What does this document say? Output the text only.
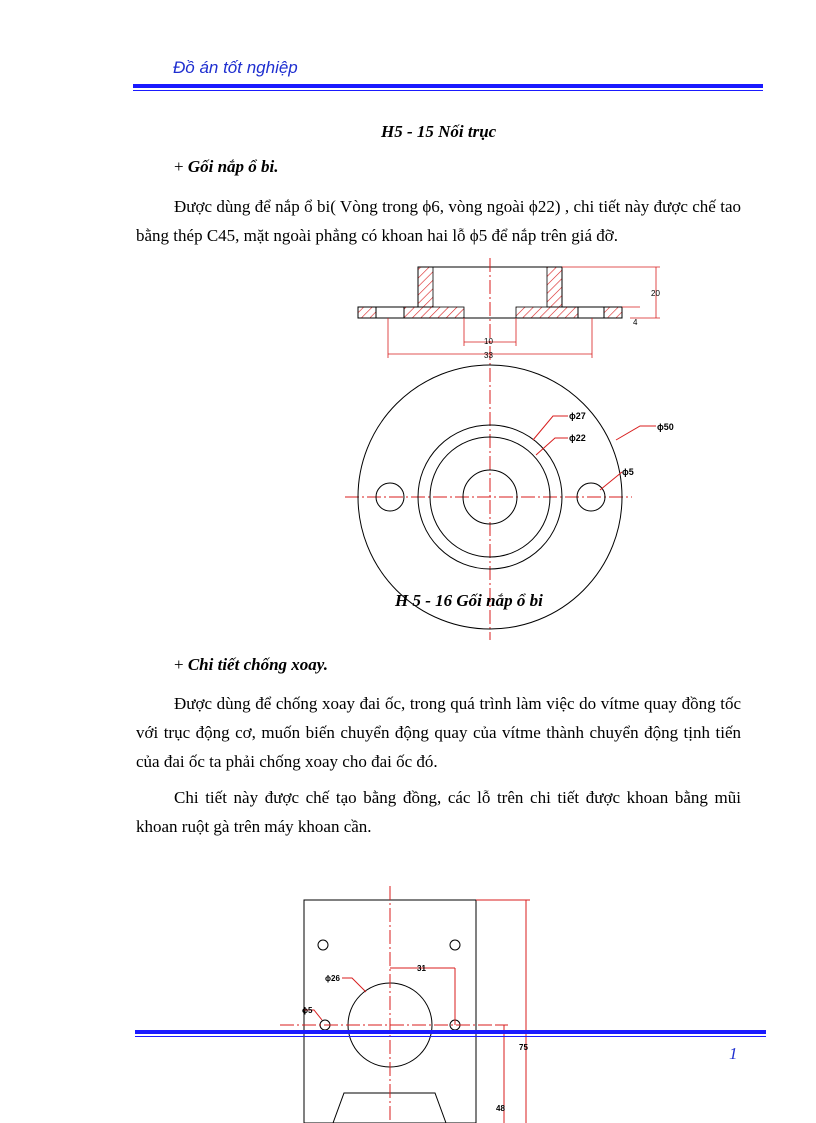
Đồ án tốt nghiệp
H5 - 15 Nối trục
+ Gối nắp ổ bi.
Được dùng để nắp ổ bi( Vòng trong ϕ6, vòng ngoài ϕ22) , chi tiết này được chế tao bằng thép C45, mặt ngoài phẳng có khoan hai lỗ ϕ5 để nắp trên giá đỡ.
20
4
10
33
ϕ27
ϕ22
ϕ50
ϕ5
H 5 - 16 Gối nắp ổ bi
+ Chi tiết chống xoay.
Được dùng để chống xoay đai ốc, trong quá trình làm việc do vítme quay đồng tốc với trục động cơ, muốn biến chuyển động quay của vítme thành chuyển động tịnh tiến của đai ốc ta phải chống xoay cho đai ốc đó.
Chi tiết này được chế tạo bằng đồng, các lỗ trên chi tiết được khoan bằng mũi khoan ruột gà trên máy khoan cần.
ϕ26
31
ϕ5
75
48
1
